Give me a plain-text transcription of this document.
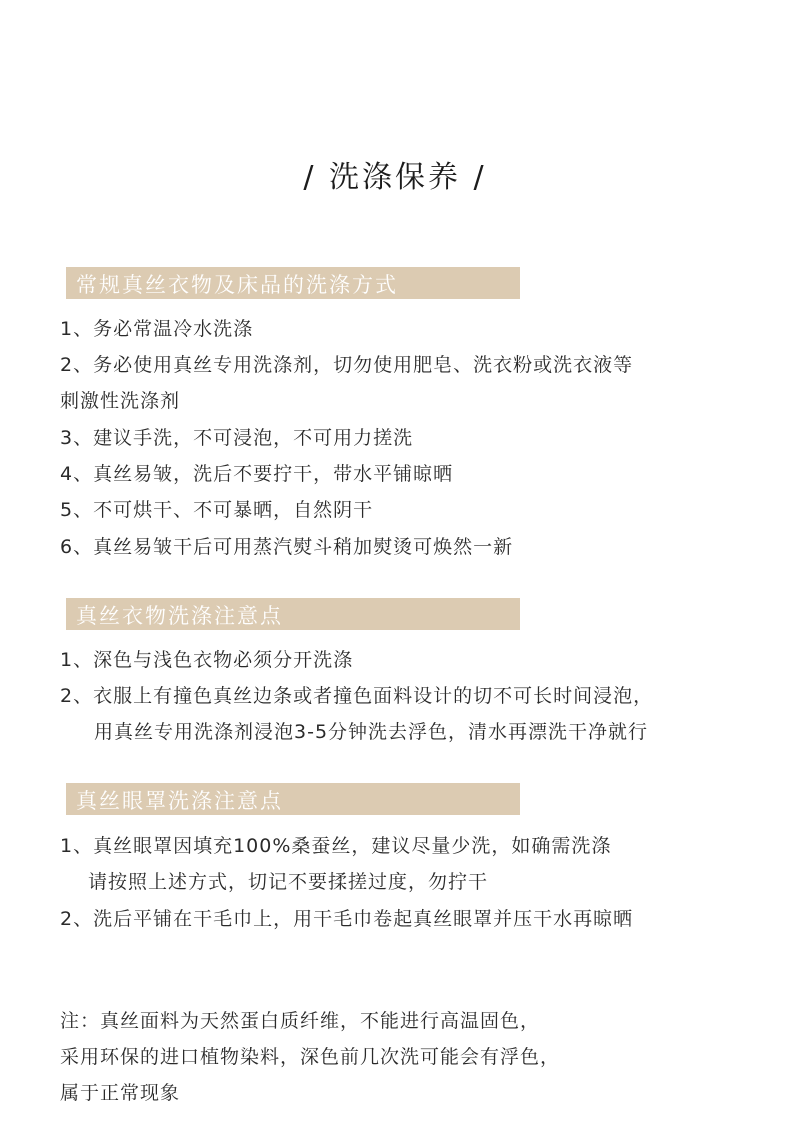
/ 洗涤保养 /
常规真丝衣物及床品的洗涤方式
1、务必常温冷水洗涤
2、务必使用真丝专用洗涤剂，切勿使用肥皂、洗衣粉或洗衣液等
刺激性洗涤剂
3、建议手洗，不可浸泡，不可用力搓洗
4、真丝易皱，洗后不要拧干，带水平铺晾晒
5、不可烘干、不可暴晒，自然阴干
6、真丝易皱干后可用蒸汽熨斗稍加熨烫可焕然一新
真丝衣物洗涤注意点
1、深色与浅色衣物必须分开洗涤
2、衣服上有撞色真丝边条或者撞色面料设计的切不可长时间浸泡，
用真丝专用洗涤剂浸泡3-5分钟洗去浮色，清水再漂洗干净就行
真丝眼罩洗涤注意点
1、真丝眼罩因填充100%桑蚕丝，建议尽量少洗，如确需洗涤
请按照上述方式，切记不要揉搓过度，勿拧干
2、洗后平铺在干毛巾上，用干毛巾卷起真丝眼罩并压干水再晾晒
注：真丝面料为天然蛋白质纤维，不能进行高温固色，
采用环保的进口植物染料，深色前几次洗可能会有浮色，
属于正常现象
